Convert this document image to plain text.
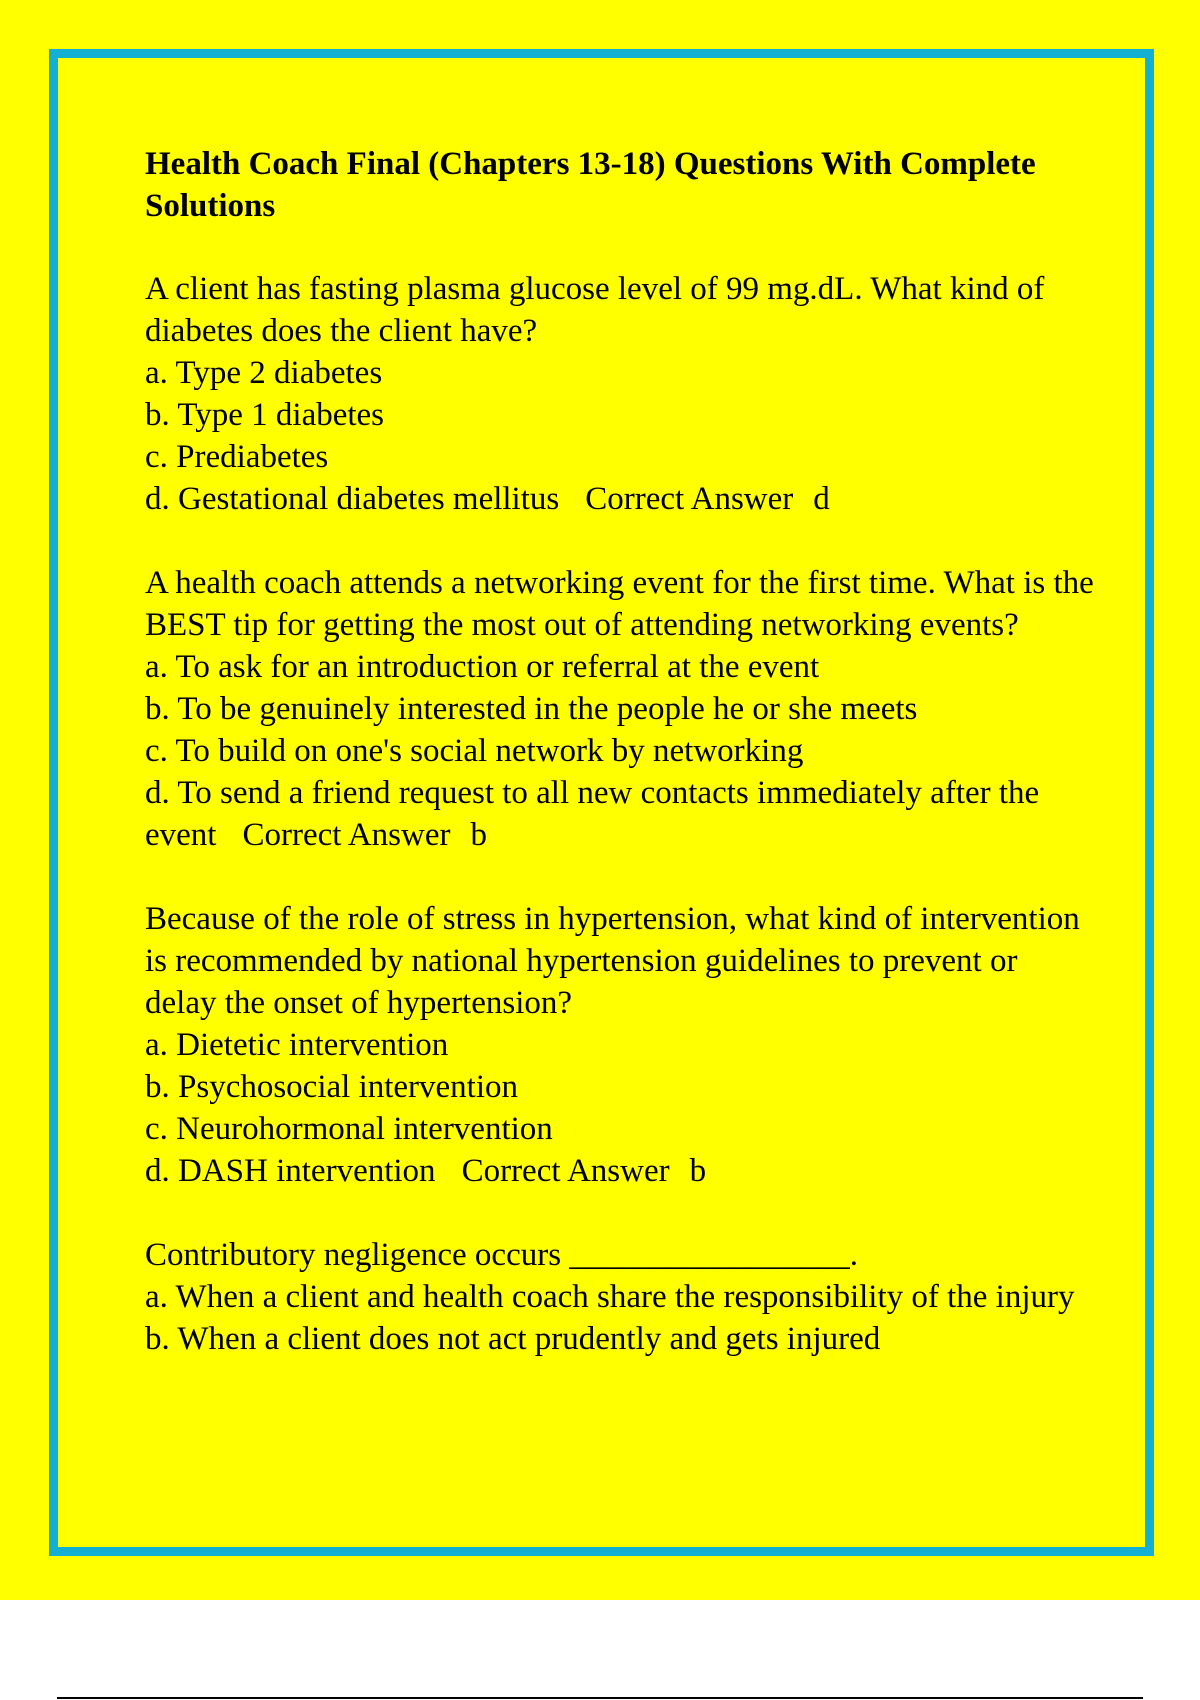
Health Coach Final (Chapters 13-18) Questions With Complete Solutions

A client has fasting plasma glucose level of 99 mg.dL. What kind of diabetes does the client have?

a. Type 2 diabetes
b. Type 1 diabetes
c. Prediabetes
d. Gestational diabetes mellitus Correct Answer d

A health coach attends a networking event for the first time. What is the BEST tip for getting the most out of attending networking events?

a. To ask for an introduction or referral at the event
b. To be genuinely interested in the people he or she meets
c. To build on one's social network by networking
d. To send a friend request to all new contacts immediately after the event Correct Answer b

Because of the role of stress in hypertension, what kind of intervention is recommended by national hypertension guidelines to prevent or delay the onset of hypertension?

a. Dietetic intervention
b. Psychosocial intervention
c. Neurohormonal intervention
d. DASH intervention Correct Answer b

Contributory negligence occurs _________________.

a. When a client and health coach share the responsibility of the injury
b. When a client does not act prudently and gets injured
